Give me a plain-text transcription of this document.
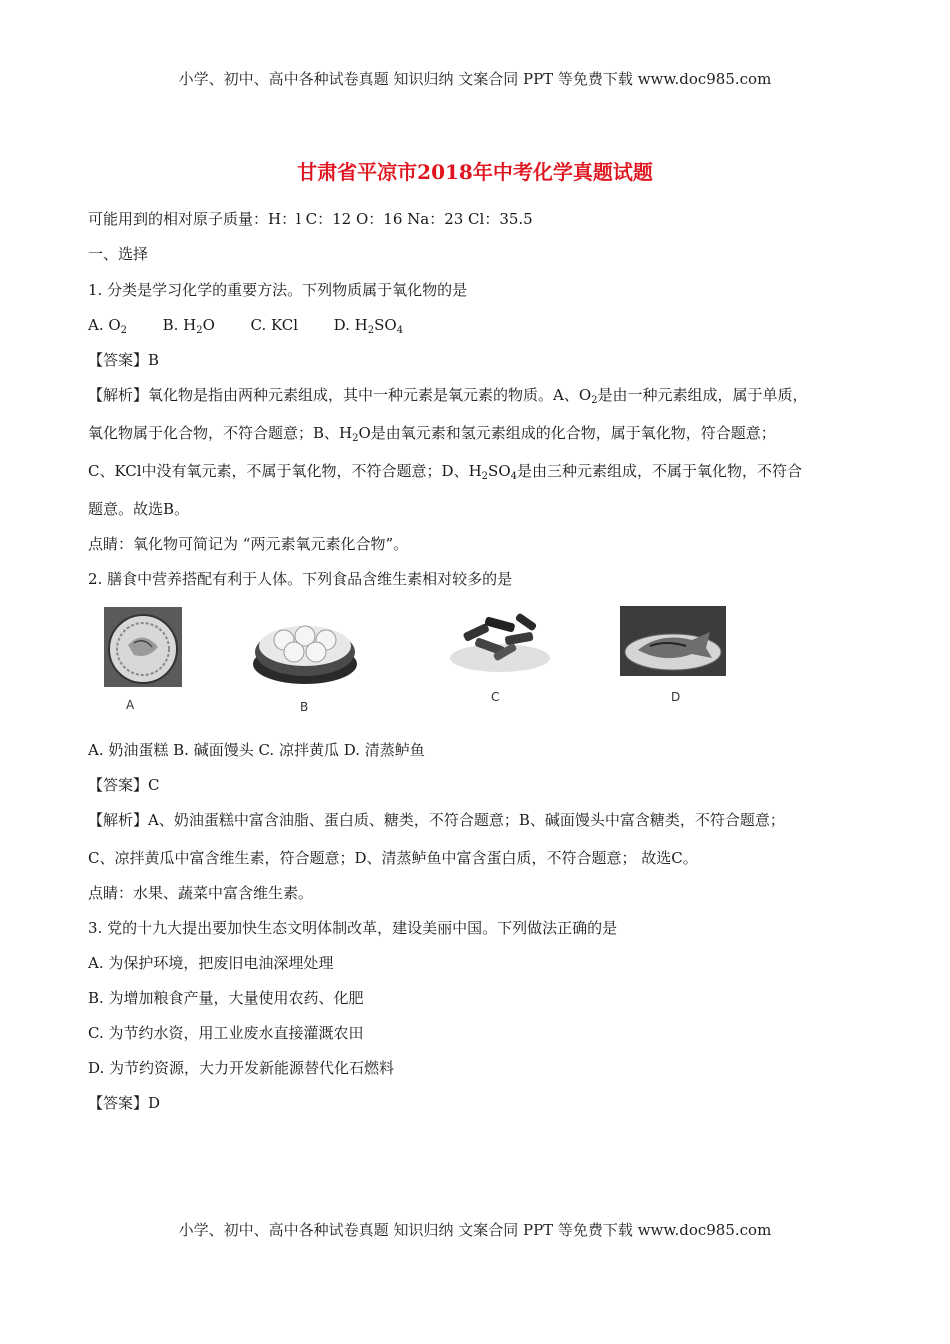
小学、初中、高中各种试卷真题 知识归纳 文案合同 PPT 等免费下载 www.doc985.com
甘肃省平凉市2018年中考化学真题试题
可能用到的相对原子质量：H：l C：12 O：16 Na：23 Cl：35.5
一、选择
1. 分类是学习化学的重要方法。下列物质属于氧化物的是
A. $O_2$ B. $H_2O$ C. KCl D. $H_2SO_4$
【答案】B
【解析】氧化物是指由两种元素组成，其中一种元素是氧元素的物质。A、$O_2$是由一种元素组成，属于单质，
氧化物属于化合物，不符合题意；B、$H_2O$是由氧元素和氢元素组成的化合物，属于氧化物，符合题意；
C、KCl中没有氧元素，不属于氧化物，不符合题意；D、$H_2SO_4$是由三种元素组成，不属于氧化物，不符合
题意。故选B。
点睛：氧化物可简记为 “两元素氧元素化合物”。
2. 膳食中营养搭配有利于人体。下列食品含维生素相对较多的是
A	B
C	D
A. 奶油蛋糕 B. 碱面馒头 C. 凉拌黄瓜 D. 清蒸鲈鱼
【答案】C
【解析】A、奶油蛋糕中富含油脂、蛋白质、糖类，不符合题意；B、碱面馒头中富含糖类，不符合题意；
C、凉拌黄瓜中富含维生素，符合题意；D、清蒸鲈鱼中富含蛋白质，不符合题意； 故选C。
点睛：水果、蔬菜中富含维生素。
3. 党的十九大提出要加快生态文明体制改革，建设美丽中国。下列做法正确的是
A. 为保护环境，把废旧电油深埋处理
B. 为增加粮食产量，大量使用农药、化肥
C. 为节约水资，用工业废水直接灌溉农田
D. 为节约资源，大力开发新能源替代化石燃料
【答案】D
小学、初中、高中各种试卷真题 知识归纳 文案合同 PPT 等免费下载 www.doc985.com
